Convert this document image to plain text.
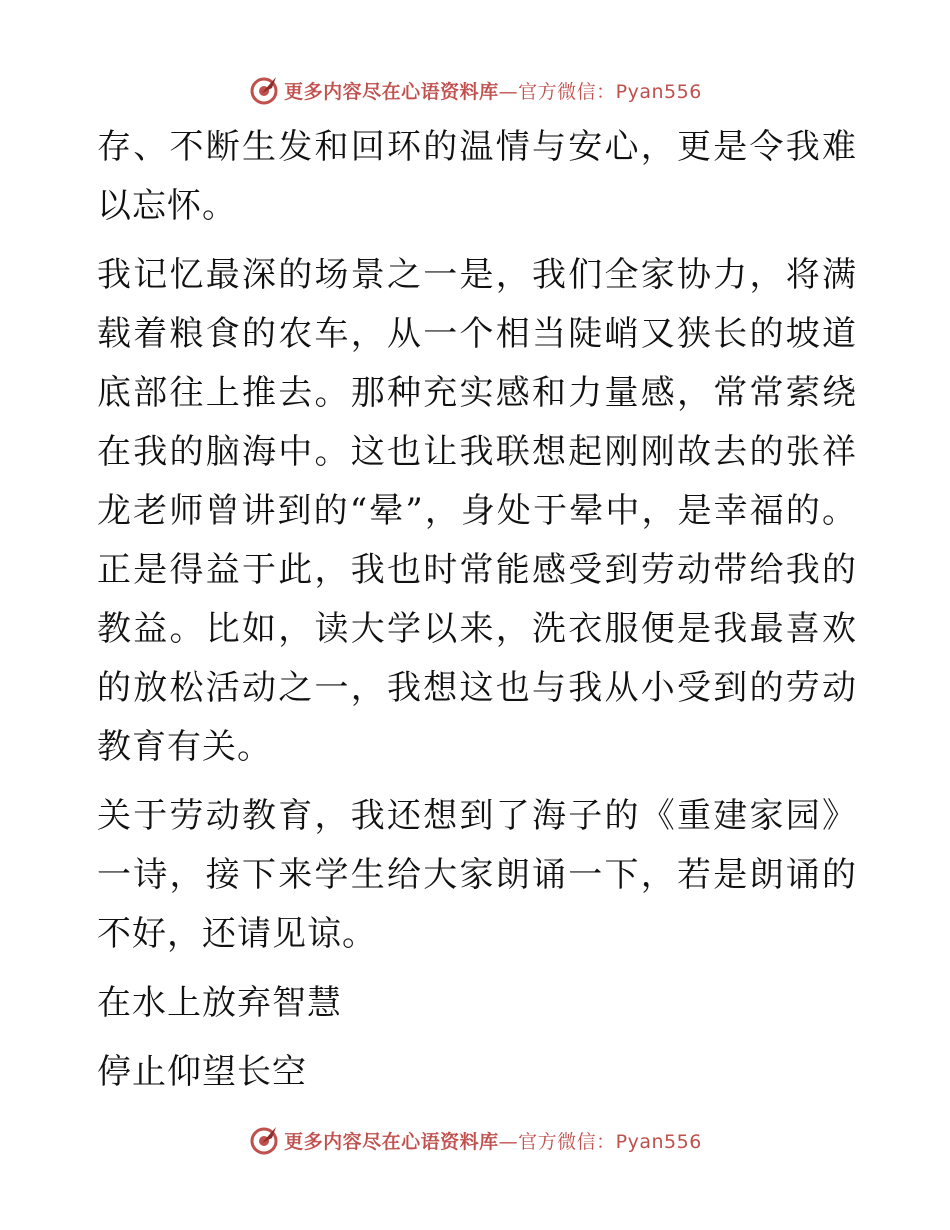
更多内容尽在心语资料库—官方微信：Pyan556

存、不断生发和回环的温情与安心，更是令我难以忘怀。

我记忆最深的场景之一是，我们全家协力，将满载着粮食的农车，从一个相当陡峭又狭长的坡道底部往上推去。那种充实感和力量感，常常萦绕在我的脑海中。这也让我联想起刚刚故去的张祥龙老师曾讲到的“晕”，身处于晕中，是幸福的。正是得益于此，我也时常能感受到劳动带给我的教益。比如，读大学以来，洗衣服便是我最喜欢的放松活动之一，我想这也与我从小受到的劳动教育有关。

关于劳动教育，我还想到了海子的《重建家园》一诗，接下来学生给大家朗诵一下，若是朗诵的不好，还请见谅。

在水上放弃智慧

停止仰望长空

更多内容尽在心语资料库—官方微信：Pyan556
